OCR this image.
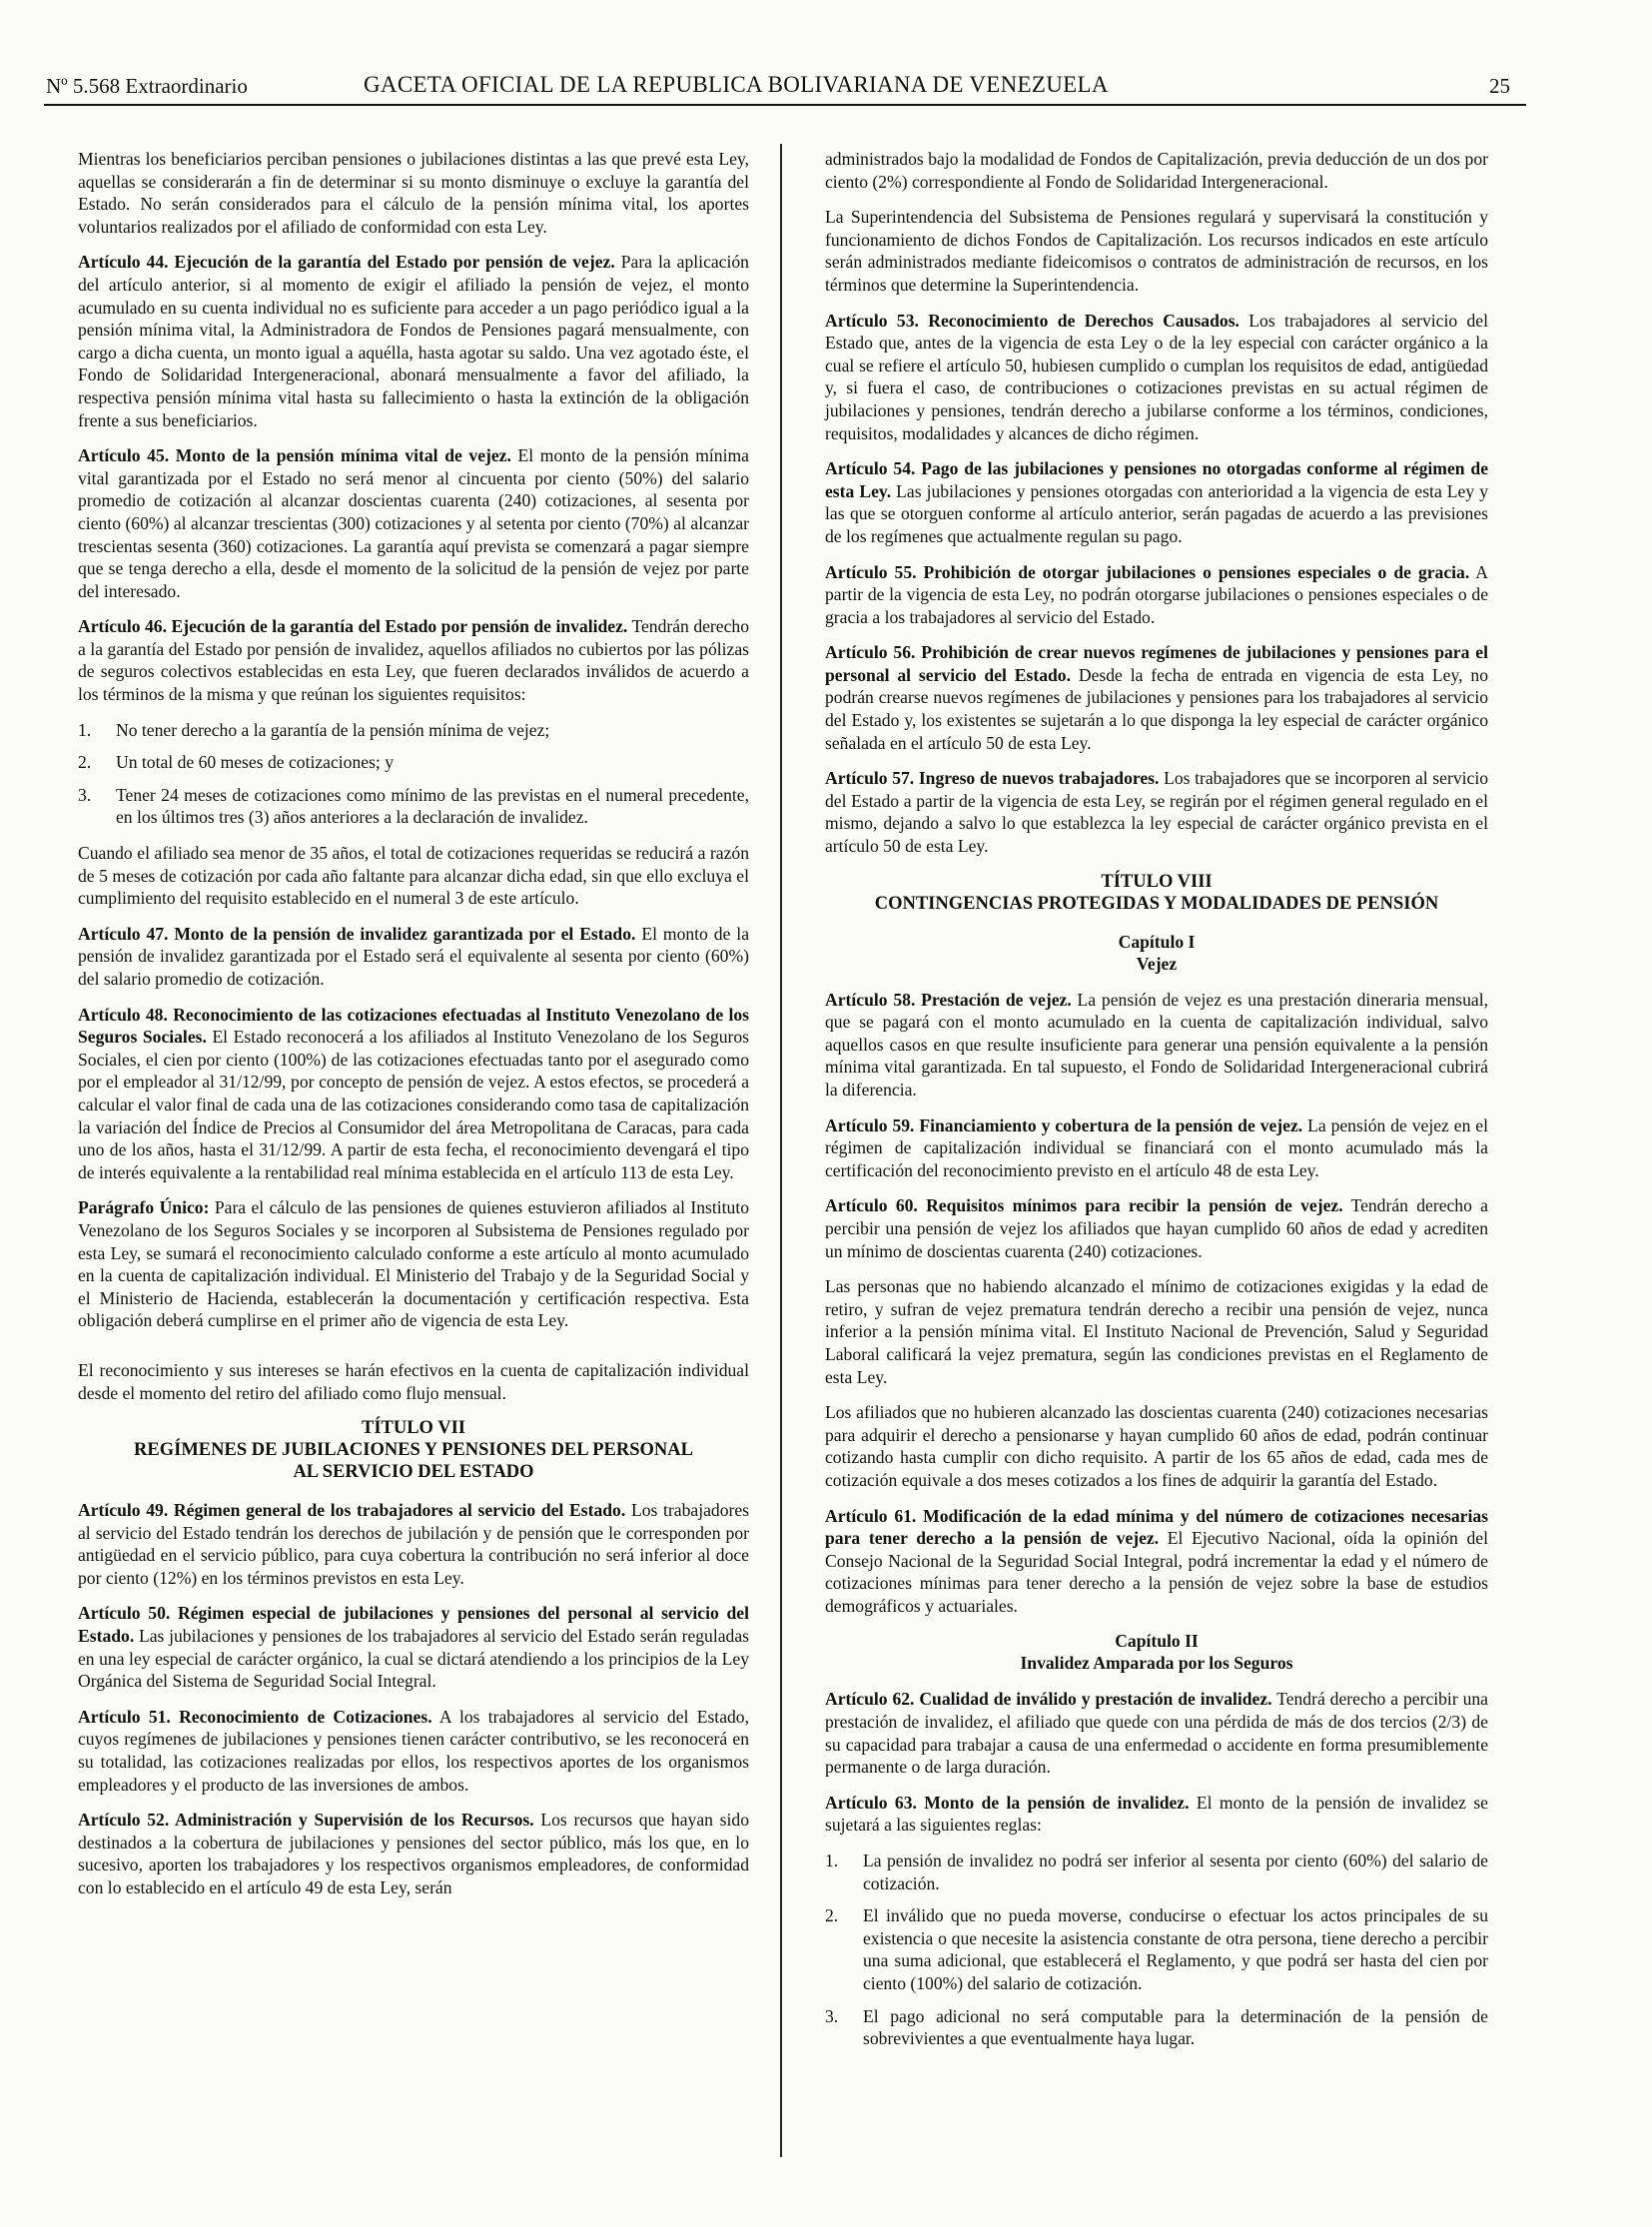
Nº 5.568 Extraordinario	GACETA OFICIAL DE LA REPUBLICA BOLIVARIANA DE VENEZUELA	25

Mientras los beneficiarios perciban pensiones o jubilaciones distintas a las que prevé esta Ley, aquellas se considerarán a fin de determinar si su monto disminuye o excluye la garantía del Estado. No serán considerados para el cálculo de la pensión mínima vital, los aportes voluntarios realizados por el afiliado de conformidad con esta Ley.

Artículo 44. Ejecución de la garantía del Estado por pensión de vejez. Para la aplicación del artículo anterior, si al momento de exigir el afiliado la pensión de vejez, el monto acumulado en su cuenta individual no es suficiente para acceder a un pago periódico igual a la pensión mínima vital, la Administradora de Fondos de Pensiones pagará mensualmente, con cargo a dicha cuenta, un monto igual a aquélla, hasta agotar su saldo. Una vez agotado éste, el Fondo de Solidaridad Intergeneracional, abonará mensualmente a favor del afiliado, la respectiva pensión mínima vital hasta su fallecimiento o hasta la extinción de la obligación frente a sus beneficiarios.

Artículo 45. Monto de la pensión mínima vital de vejez. El monto de la pensión mínima vital garantizada por el Estado no será menor al cincuenta por ciento (50%) del salario promedio de cotización al alcanzar doscientas cuarenta (240) cotizaciones, al sesenta por ciento (60%) al alcanzar trescientas (300) cotizaciones y al setenta por ciento (70%) al alcanzar trescientas sesenta (360) cotizaciones. La garantía aquí prevista se comenzará a pagar siempre que se tenga derecho a ella, desde el momento de la solicitud de la pensión de vejez por parte del interesado.

Artículo 46. Ejecución de la garantía del Estado por pensión de invalidez. Tendrán derecho a la garantía del Estado por pensión de invalidez, aquellos afiliados no cubiertos por las pólizas de seguros colectivos establecidas en esta Ley, que fueren declarados inválidos de acuerdo a los términos de la misma y que reúnan los siguientes requisitos:

1. No tener derecho a la garantía de la pensión mínima de vejez;
2. Un total de 60 meses de cotizaciones; y
3. Tener 24 meses de cotizaciones como mínimo de las previstas en el numeral precedente, en los últimos tres (3) años anteriores a la declaración de invalidez.

Cuando el afiliado sea menor de 35 años, el total de cotizaciones requeridas se reducirá a razón de 5 meses de cotización por cada año faltante para alcanzar dicha edad, sin que ello excluya el cumplimiento del requisito establecido en el numeral 3 de este artículo.

Artículo 47. Monto de la pensión de invalidez garantizada por el Estado. El monto de la pensión de invalidez garantizada por el Estado será el equivalente al sesenta por ciento (60%) del salario promedio de cotización.

Artículo 48. Reconocimiento de las cotizaciones efectuadas al Instituto Venezolano de los Seguros Sociales. El Estado reconocerá a los afiliados al Instituto Venezolano de los Seguros Sociales, el cien por ciento (100%) de las cotizaciones efectuadas tanto por el asegurado como por el empleador al 31/12/99, por concepto de pensión de vejez. A estos efectos, se procederá a calcular el valor final de cada una de las cotizaciones considerando como tasa de capitalización la variación del Índice de Precios al Consumidor del área Metropolitana de Caracas, para cada uno de los años, hasta el 31/12/99. A partir de esta fecha, el reconocimiento devengará el tipo de interés equivalente a la rentabilidad real mínima establecida en el artículo 113 de esta Ley.

Parágrafo Único: Para el cálculo de las pensiones de quienes estuvieron afiliados al Instituto Venezolano de los Seguros Sociales y se incorporen al Subsistema de Pensiones regulado por esta Ley, se sumará el reconocimiento calculado conforme a este artículo al monto acumulado en la cuenta de capitalización individual. El Ministerio del Trabajo y de la Seguridad Social y el Ministerio de Hacienda, establecerán la documentación y certificación respectiva. Esta obligación deberá cumplirse en el primer año de vigencia de esta Ley.

El reconocimiento y sus intereses se harán efectivos en la cuenta de capitalización individual desde el momento del retiro del afiliado como flujo mensual.

TÍTULO VII
REGÍMENES DE JUBILACIONES Y PENSIONES DEL PERSONAL
AL SERVICIO DEL ESTADO

Artículo 49. Régimen general de los trabajadores al servicio del Estado. Los trabajadores al servicio del Estado tendrán los derechos de jubilación y de pensión que le corresponden por antigüedad en el servicio público, para cuya cobertura la contribución no será inferior al doce por ciento (12%) en los términos previstos en esta Ley.

Artículo 50. Régimen especial de jubilaciones y pensiones del personal al servicio del Estado. Las jubilaciones y pensiones de los trabajadores al servicio del Estado serán reguladas en una ley especial de carácter orgánico, la cual se dictará atendiendo a los principios de la Ley Orgánica del Sistema de Seguridad Social Integral.

Artículo 51. Reconocimiento de Cotizaciones. A los trabajadores al servicio del Estado, cuyos regímenes de jubilaciones y pensiones tienen carácter contributivo, se les reconocerá en su totalidad, las cotizaciones realizadas por ellos, los respectivos aportes de los organismos empleadores y el producto de las inversiones de ambos.

Artículo 52. Administración y Supervisión de los Recursos. Los recursos que hayan sido destinados a la cobertura de jubilaciones y pensiones del sector público, más los que, en lo sucesivo, aporten los trabajadores y los respectivos organismos empleadores, de conformidad con lo establecido en el artículo 49 de esta Ley, serán

administrados bajo la modalidad de Fondos de Capitalización, previa deducción de un dos por ciento (2%) correspondiente al Fondo de Solidaridad Intergeneracional.

La Superintendencia del Subsistema de Pensiones regulará y supervisará la constitución y funcionamiento de dichos Fondos de Capitalización. Los recursos indicados en este artículo serán administrados mediante fideicomisos o contratos de administración de recursos, en los términos que determine la Superintendencia.

Artículo 53. Reconocimiento de Derechos Causados. Los trabajadores al servicio del Estado que, antes de la vigencia de esta Ley o de la ley especial con carácter orgánico a la cual se refiere el artículo 50, hubiesen cumplido o cumplan los requisitos de edad, antigüedad y, si fuera el caso, de contribuciones o cotizaciones previstas en su actual régimen de jubilaciones y pensiones, tendrán derecho a jubilarse conforme a los términos, condiciones, requisitos, modalidades y alcances de dicho régimen.

Artículo 54. Pago de las jubilaciones y pensiones no otorgadas conforme al régimen de esta Ley. Las jubilaciones y pensiones otorgadas con anterioridad a la vigencia de esta Ley y las que se otorguen conforme al artículo anterior, serán pagadas de acuerdo a las previsiones de los regímenes que actualmente regulan su pago.

Artículo 55. Prohibición de otorgar jubilaciones o pensiones especiales o de gracia. A partir de la vigencia de esta Ley, no podrán otorgarse jubilaciones o pensiones especiales o de gracia a los trabajadores al servicio del Estado.

Artículo 56. Prohibición de crear nuevos regímenes de jubilaciones y pensiones para el personal al servicio del Estado. Desde la fecha de entrada en vigencia de esta Ley, no podrán crearse nuevos regímenes de jubilaciones y pensiones para los trabajadores al servicio del Estado y, los existentes se sujetarán a lo que disponga la ley especial de carácter orgánico señalada en el artículo 50 de esta Ley.

Artículo 57. Ingreso de nuevos trabajadores. Los trabajadores que se incorporen al servicio del Estado a partir de la vigencia de esta Ley, se regirán por el régimen general regulado en el mismo, dejando a salvo lo que establezca la ley especial de carácter orgánico prevista en el artículo 50 de esta Ley.

TÍTULO VIII
CONTINGENCIAS PROTEGIDAS Y MODALIDADES DE PENSIÓN
Capítulo I
Vejez

Artículo 58. Prestación de vejez. La pensión de vejez es una prestación dineraria mensual, que se pagará con el monto acumulado en la cuenta de capitalización individual, salvo aquellos casos en que resulte insuficiente para generar una pensión equivalente a la pensión mínima vital garantizada. En tal supuesto, el Fondo de Solidaridad Intergeneracional cubrirá la diferencia.

Artículo 59. Financiamiento y cobertura de la pensión de vejez. La pensión de vejez en el régimen de capitalización individual se financiará con el monto acumulado más la certificación del reconocimiento previsto en el artículo 48 de esta Ley.

Artículo 60. Requisitos mínimos para recibir la pensión de vejez. Tendrán derecho a percibir una pensión de vejez los afiliados que hayan cumplido 60 años de edad y acrediten un mínimo de doscientas cuarenta (240) cotizaciones.

Las personas que no habiendo alcanzado el mínimo de cotizaciones exigidas y la edad de retiro, y sufran de vejez prematura tendrán derecho a recibir una pensión de vejez, nunca inferior a la pensión mínima vital. El Instituto Nacional de Prevención, Salud y Seguridad Laboral calificará la vejez prematura, según las condiciones previstas en el Reglamento de esta Ley.

Los afiliados que no hubieren alcanzado las doscientas cuarenta (240) cotizaciones necesarias para adquirir el derecho a pensionarse y hayan cumplido 60 años de edad, podrán continuar cotizando hasta cumplir con dicho requisito. A partir de los 65 años de edad, cada mes de cotización equivale a dos meses cotizados a los fines de adquirir la garantía del Estado.

Artículo 61. Modificación de la edad mínima y del número de cotizaciones necesarias para tener derecho a la pensión de vejez. El Ejecutivo Nacional, oída la opinión del Consejo Nacional de la Seguridad Social Integral, podrá incrementar la edad y el número de cotizaciones mínimas para tener derecho a la pensión de vejez sobre la base de estudios demográficos y actuariales.

Capítulo II
Invalidez Amparada por los Seguros

Artículo 62. Cualidad de inválido y prestación de invalidez. Tendrá derecho a percibir una prestación de invalidez, el afiliado que quede con una pérdida de más de dos tercios (2/3) de su capacidad para trabajar a causa de una enfermedad o accidente en forma presumiblemente permanente o de larga duración.

Artículo 63. Monto de la pensión de invalidez. El monto de la pensión de invalidez se sujetará a las siguientes reglas:

1. La pensión de invalidez no podrá ser inferior al sesenta por ciento (60%) del salario de cotización.
2. El inválido que no pueda moverse, conducirse o efectuar los actos principales de su existencia o que necesite la asistencia constante de otra persona, tiene derecho a percibir una suma adicional, que establecerá el Reglamento, y que podrá ser hasta del cien por ciento (100%) del salario de cotización.
3. El pago adicional no será computable para la determinación de la pensión de sobrevivientes a que eventualmente haya lugar.
